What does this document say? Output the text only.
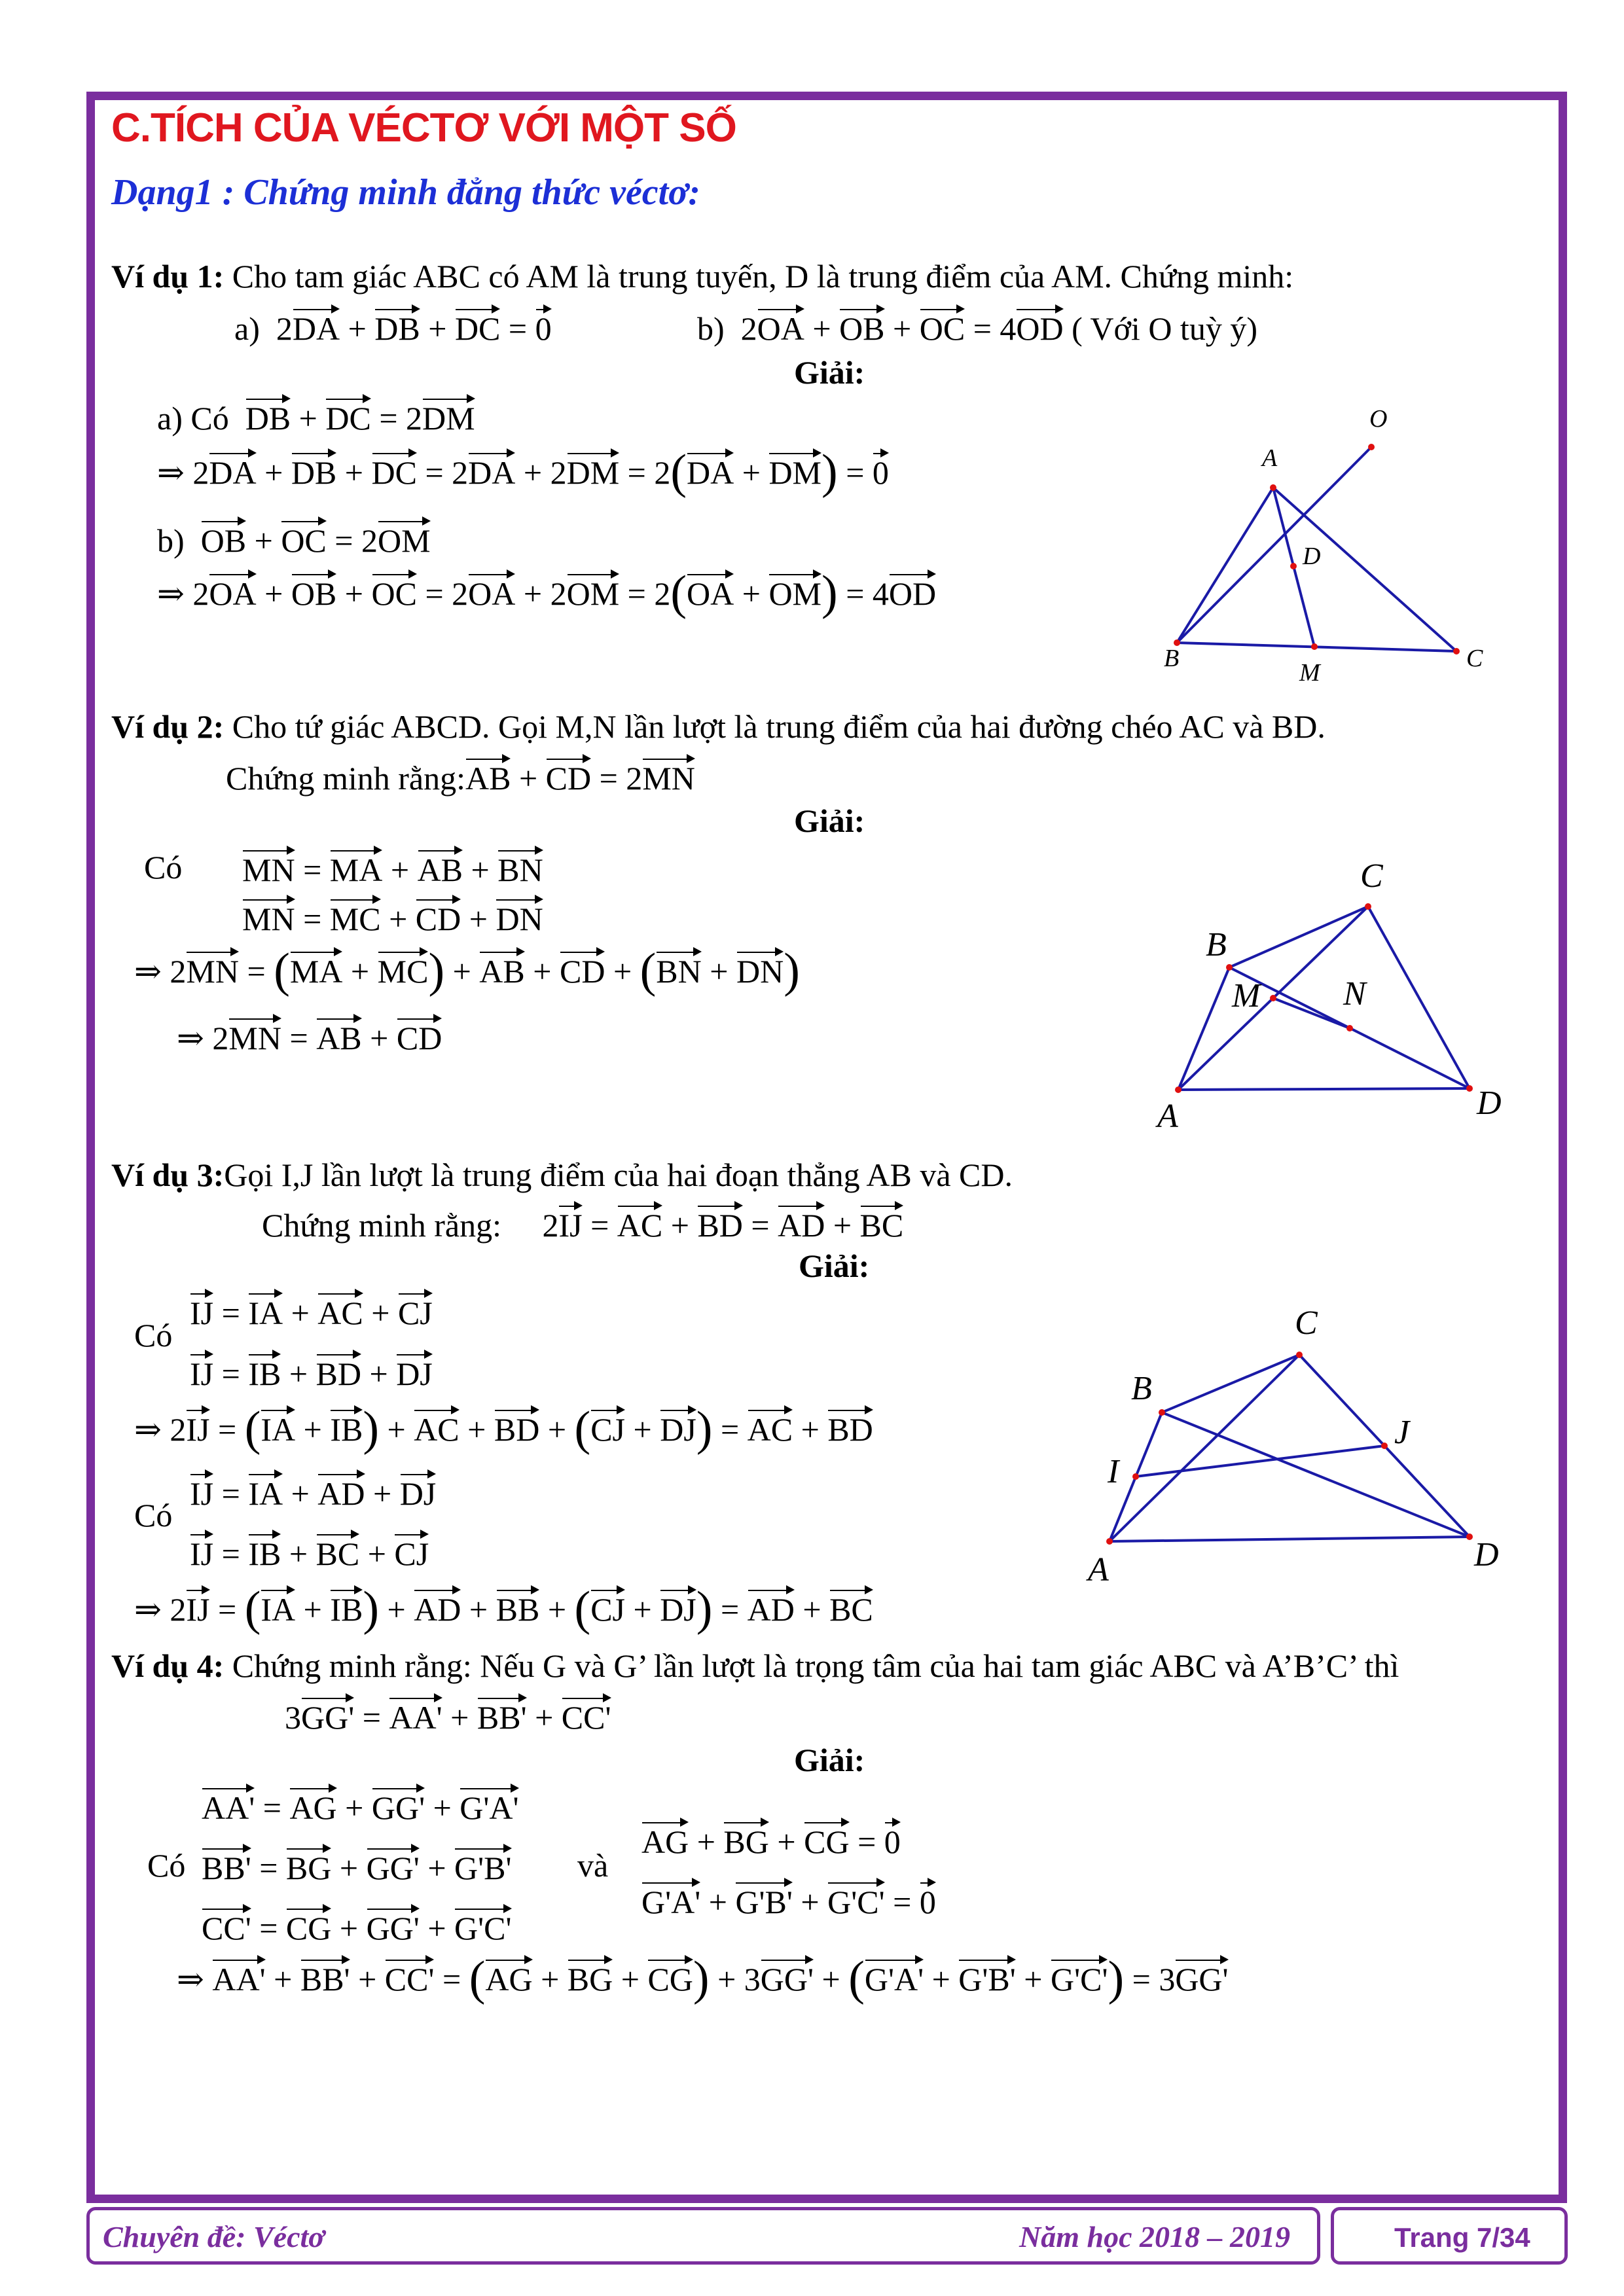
C.TÍCH CỦA VÉCTƠ VỚI MỘT SỐ
Dạng1 : Chứng minh đẳng thức véctơ:
Ví dụ 1: Cho tam giác ABC có AM là trung tuyến, D là trung điểm của AM. Chứng minh:
a)  2DA + DB + DC = 0	b)  2OA + OB + OC = 4OD ( Với O tuỳ ý)
Giải:
a) Có DB + DC = 2DM
⇒ 2DA + DB + DC = 2DA + 2DM = 2(DA + DM) = 0
b) OB + OC = 2OM
⇒ 2OA + OB + OC = 2OA + 2OM = 2(OA + OM) = 4OD
O
A
D
B
M
C
Ví dụ 2: Cho tứ giác ABCD. Gọi M,N lần lượt là trung điểm của hai đường chéo AC và BD.
Chứng minh rằng:AB + CD = 2MN
Giải:
Có MN = MA + AB + BN
MN = MC + CD + DN
⇒ 2MN = (MA + MC) + AB + CD + (BN + DN)
⇒ 2MN = AB + CD
C
B
M N
A	D
Ví dụ 3:Gọi I,J lần lượt là trung điểm của hai đoạn thẳng AB và CD.
Chứng minh rằng:     2IJ = AC + BD = AD + BC
Giải:
Có
IJ = IA + AC + CJ
IJ = IB + BD + DJ
⇒ 2IJ = (IA + IB) + AC + BD + (CJ + DJ) = AC + BD
Có
IJ = IA + AD + DJ
IJ = IB + BC + CJ
⇒ 2IJ = (IA + IB) + AD + BB + (CJ + DJ) = AD + BC
C
B
J
I
A	D
Ví dụ 4: Chứng minh rằng: Nếu G và G’ lần lượt là trọng tâm của hai tam giác ABC và A’B’C’ thì
3GG' = AA' + BB' + CC'
Giải:
AA' = AG + GG' + G'A'
Có BB' = BG + GG' + G'B' và
CC' = CG + GG' + G'C'
AG + BG + CG = 0
G'A' + G'B' + G'C' = 0
⇒ AA' + BB' + CC' = (AG + BG + CG) + 3GG' + (G'A' + G'B' + G'C') = 3GG'
Chuyên đề: Véctơ	Năm học 2018 – 2019	Trang 7/34
